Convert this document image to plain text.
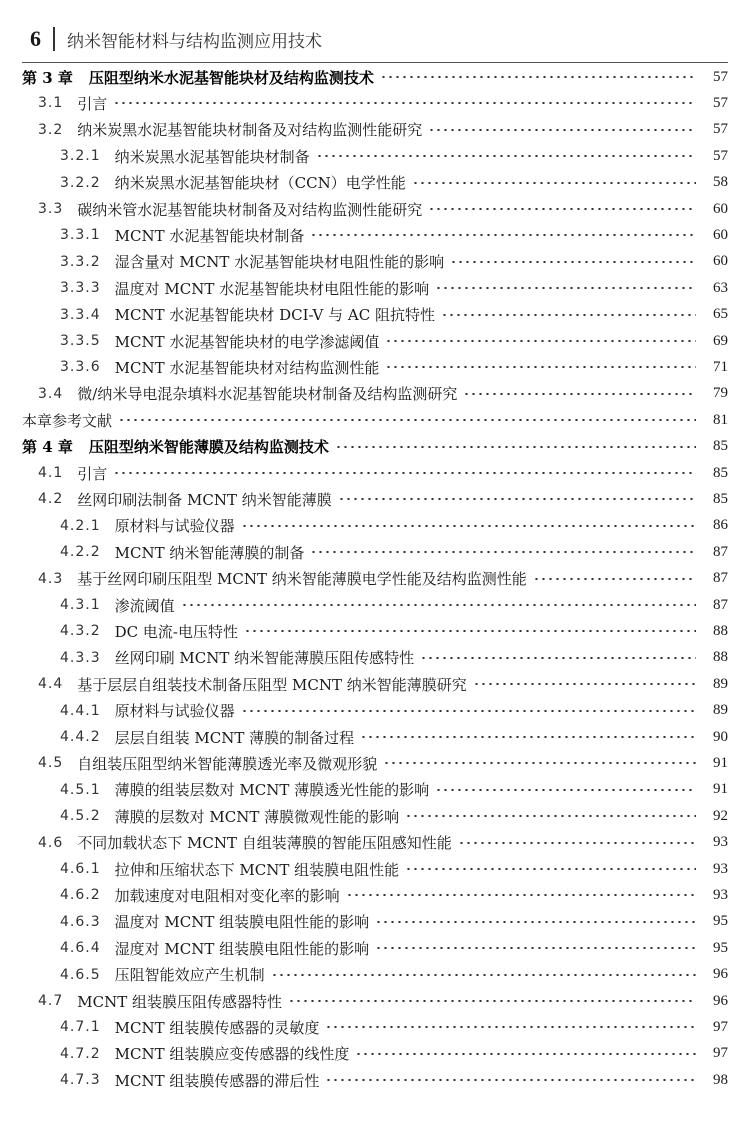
6 纳米智能材料与结构监测应用技术
第 3 章 压阻型纳米水泥基智能块材及结构监测技术	57
3.1 引言	57
3.2 纳米炭黑水泥基智能块材制备及对结构监测性能研究	57
3.2.1 纳米炭黑水泥基智能块材制备	57
3.2.2 纳米炭黑水泥基智能块材（CCN）电学性能	58
3.3 碳纳米管水泥基智能块材制备及对结构监测性能研究	60
3.3.1 MCNT 水泥基智能块材制备	60
3.3.2 湿含量对 MCNT 水泥基智能块材电阻性能的影响	60
3.3.3 温度对 MCNT 水泥基智能块材电阻性能的影响	63
3.3.4 MCNT 水泥基智能块材 DCI-V 与 AC 阻抗特性	65
3.3.5 MCNT 水泥基智能块材的电学渗滤阈值	69
3.3.6 MCNT 水泥基智能块材对结构监测性能	71
3.4 微/纳米导电混杂填料水泥基智能块材制备及结构监测研究	79
本章参考文献	81
第 4 章 压阻型纳米智能薄膜及结构监测技术	85
4.1 引言	85
4.2 丝网印刷法制备 MCNT 纳米智能薄膜	85
4.2.1 原材料与试验仪器	86
4.2.2 MCNT 纳米智能薄膜的制备	87
4.3 基于丝网印刷压阻型 MCNT 纳米智能薄膜电学性能及结构监测性能	87
4.3.1 渗流阈值	87
4.3.2 DC 电流-电压特性	88
4.3.3 丝网印刷 MCNT 纳米智能薄膜压阻传感特性	88
4.4 基于层层自组装技术制备压阻型 MCNT 纳米智能薄膜研究	89
4.4.1 原材料与试验仪器	89
4.4.2 层层自组装 MCNT 薄膜的制备过程	90
4.5 自组装压阻型纳米智能薄膜透光率及微观形貌	91
4.5.1 薄膜的组装层数对 MCNT 薄膜透光性能的影响	91
4.5.2 薄膜的层数对 MCNT 薄膜微观性能的影响	92
4.6 不同加载状态下 MCNT 自组装薄膜的智能压阻感知性能	93
4.6.1 拉伸和压缩状态下 MCNT 组装膜电阻性能	93
4.6.2 加载速度对电阻相对变化率的影响	93
4.6.3 温度对 MCNT 组装膜电阻性能的影响	95
4.6.4 湿度对 MCNT 组装膜电阻性能的影响	95
4.6.5 压阻智能效应产生机制	96
4.7 MCNT 组装膜压阻传感器特性	96
4.7.1 MCNT 组装膜传感器的灵敏度	97
4.7.2 MCNT 组装膜应变传感器的线性度	97
4.7.3 MCNT 组装膜传感器的滞后性	98
